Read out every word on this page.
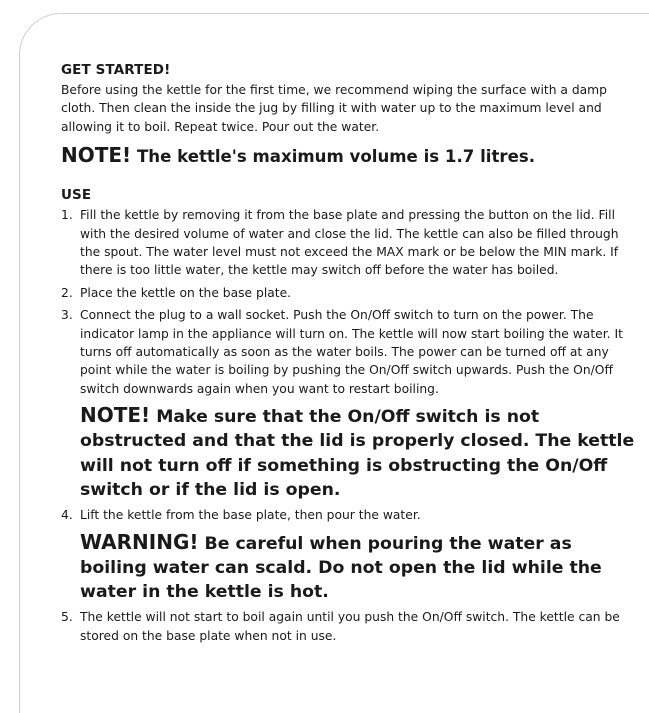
GET STARTED!

Before using the kettle for the first time, we recommend wiping the surface with a damp cloth. Then clean the inside the jug by filling it with water up to the maximum level and allowing it to boil. Repeat twice. Pour out the water.

NOTE! The kettle's maximum volume is 1.7 litres.

USE
1. Fill the kettle by removing it from the base plate and pressing the button on the lid. Fill with the desired volume of water and close the lid. The kettle can also be filled through the spout. The water level must not exceed the MAX mark or be below the MIN mark. If there is too little water, the kettle may switch off before the water has boiled.
2. Place the kettle on the base plate.
3. Connect the plug to a wall socket. Push the On/Off switch to turn on the power. The indicator lamp in the appliance will turn on. The kettle will now start boiling the water. It turns off automatically as soon as the water boils. The power can be turned off at any point while the water is boiling by pushing the On/Off switch upwards. Push the On/Off switch downwards again when you want to restart boiling.

NOTE! Make sure that the On/Off switch is not obstructed and that the lid is properly closed. The kettle will not turn off if something is obstructing the On/Off switch or if the lid is open.

4. Lift the kettle from the base plate, then pour the water.

WARNING! Be careful when pouring the water as boiling water can scald. Do not open the lid while the water in the kettle is hot.

5. The kettle will not start to boil again until you push the On/Off switch. The kettle can be stored on the base plate when not in use.
